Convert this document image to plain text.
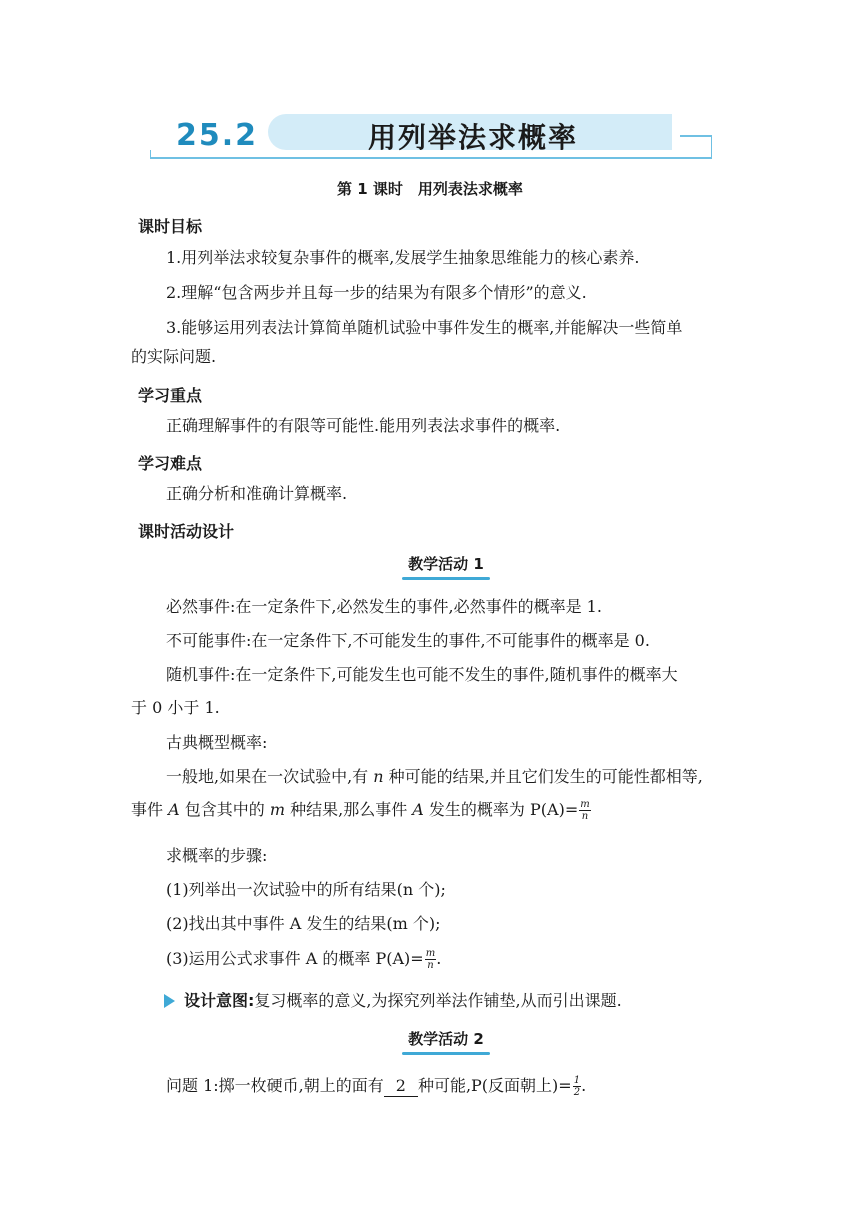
25.2	用列举法求概率
第 1 课时　用列表法求概率
课时目标
1.用列举法求较复杂事件的概率,发展学生抽象思维能力的核心素养.
2.理解“包含两步并且每一步的结果为有限多个情形”的意义.
3.能够运用列表法计算简单随机试验中事件发生的概率,并能解决一些简单
的实际问题.
学习重点
正确理解事件的有限等可能性.能用列表法求事件的概率.
学习难点
正确分析和准确计算概率.
课时活动设计
教学活动 1
必然事件:在一定条件下,必然发生的事件,必然事件的概率是 1.
不可能事件:在一定条件下,不可能发生的事件,不可能事件的概率是 0.
随机事件:在一定条件下,可能发生也可能不发生的事件,随机事件的概率大
于 0 小于 1.
古典概型概率:
一般地,如果在一次试验中,有 n 种可能的结果,并且它们发生的可能性都相等,
事件 A 包含其中的 m 种结果,那么事件 A 发生的概率为 $P(A)= \frac{m}{n}$
求概率的步骤:
(1)列举出一次试验中的所有结果(n 个);
(2)找出其中事件 A 发生的结果(m 个);
(3)运用公式求事件 A 的概率 $P(A)= \frac{m}{n}$ .
设计意图:复习概率的意义,为探究列举法作铺垫,从而引出课题.
教学活动 2
问题 1:掷一枚硬币,朝上的面有 2 种可能,P(反面朝上)= $\frac{1}{2}$ .
